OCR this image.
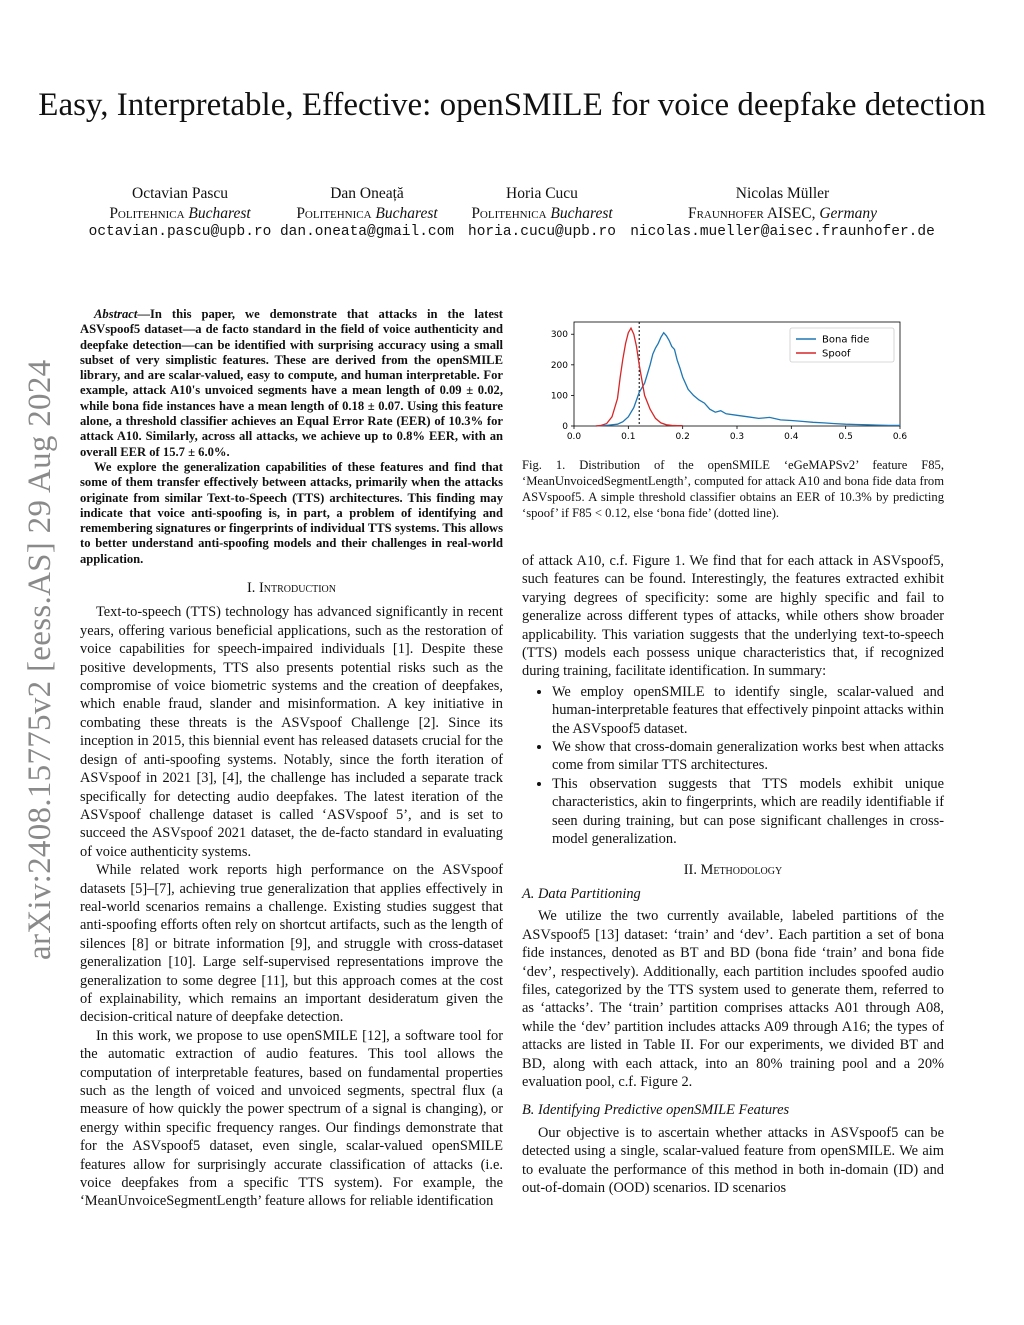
Easy, Interpretable, Effective: openSMILE for voice deepfake detection
Octavian Pascu
Politehnica Bucharest
octavian.pascu@upb.ro
Dan Oneață
Politehnica Bucharest
dan.oneata@gmail.com
Horia Cucu
Politehnica Bucharest
horia.cucu@upb.ro
Nicolas Müller
Fraunhofer AISEC, Germany
nicolas.mueller@aisec.fraunhofer.de
arXiv:2408.15775v2 [eess.AS] 29 Aug 2024

Abstract—In this paper, we demonstrate that attacks in the latest ASVspoof5 dataset—a de facto standard in the field of voice authenticity and deepfake detection—can be identified with surprising accuracy using a small subset of very simplistic features. These are derived from the openSMILE library, and are scalar-valued, easy to compute, and human interpretable. For example, attack A10's unvoiced segments have a mean length of 0.09 ± 0.02, while bona fide instances have a mean length of 0.18 ± 0.07. Using this feature alone, a threshold classifier achieves an Equal Error Rate (EER) of 10.3% for attack A10. Similarly, across all attacks, we achieve up to 0.8% EER, with an overall EER of 15.7 ± 6.0%.

We explore the generalization capabilities of these features and find that some of them transfer effectively between attacks, primarily when the attacks originate from similar Text-to-Speech (TTS) architectures. This finding may indicate that voice anti-spoofing is, in part, a problem of identifying and remembering signatures or fingerprints of individual TTS systems. This allows to better understand anti-spoofing models and their challenges in real-world application.

I. Introduction

Text-to-speech (TTS) technology has advanced significantly in recent years, offering various beneficial applications, such as the restoration of voice capabilities for speech-impaired individuals [1]. Despite these positive developments, TTS also presents potential risks such as the compromise of voice biometric systems and the creation of deepfakes, which enable fraud, slander and misinformation. A key initiative in combating these threats is the ASVspoof Challenge [2]. Since its inception in 2015, this biennial event has released datasets crucial for the design of anti-spoofing systems. Notably, since the forth iteration of ASVspoof in 2021 [3], [4], the challenge has included a separate track specifically for detecting audio deepfakes. The latest iteration of the ASVspoof challenge dataset is called ‘ASVspoof 5’, and is set to succeed the ASVspoof 2021 dataset, the de-facto standard in evaluating of voice authenticity systems.

While related work reports high performance on the ASVspoof datasets [5]–[7], achieving true generalization that applies effectively in real-world scenarios remains a challenge. Existing studies suggest that anti-spoofing efforts often rely on shortcut artifacts, such as the length of silences [8] or bitrate information [9], and struggle with cross-dataset generalization [10]. Large self-supervised representations improve the generalization to some degree [11], but this approach comes at the cost of explainability, which remains an important desideratum given the decision-critical nature of deepfake detection.

In this work, we propose to use openSMILE [12], a software tool for the automatic extraction of audio features. This tool allows the computation of interpretable features, based on fundamental properties such as the length of voiced and unvoiced segments, spectral flux (a measure of how quickly the power spectrum of a signal is changing), or energy within specific frequency ranges. Our findings demonstrate that for the ASVspoof5 dataset, even single, scalar-valued openSMILE features allow for surprisingly accurate classification of attacks (i.e. voice deepfakes from a specific TTS system). For example, the ‘MeanUnvoiceSegmentLength’ feature allows for reliable identification

0.0	0.1	0.2	0.3	0.4	0.5	0.6
0
100
200
300	Bona fide
Spoof
Fig. 1. Distribution of the openSMILE ‘eGeMAPSv2’ feature F85, ‘MeanUnvoicedSegmentLength’, computed for attack A10 and bona fide data from ASVspoof5. A simple threshold classifier obtains an EER of 10.3% by predicting ‘spoof’ if F85 < 0.12, else ‘bona fide’ (dotted line).

of attack A10, c.f. Figure 1. We find that for each attack in ASVspoof5, such features can be found. Interestingly, the features extracted exhibit varying degrees of specificity: some are highly specific and fail to generalize across different types of attacks, while others show broader applicability. This variation suggests that the underlying text-to-speech (TTS) models each possess unique characteristics that, if recognized during training, facilitate identification. In summary:

• We employ openSMILE to identify single, scalar-valued and human-interpretable features that effectively pinpoint attacks within the ASVspoof5 dataset.
• We show that cross-domain generalization works best when attacks come from similar TTS architectures.
• This observation suggests that TTS models exhibit unique characteristics, akin to fingerprints, which are readily identifiable if seen during training, but can pose significant challenges in cross-model generalization.
II. Methodology
A. Data Partitioning

We utilize the two currently available, labeled partitions of the ASVspoof5 [13] dataset: ‘train’ and ‘dev’. Each partition a set of bona fide instances, denoted as BT and BD (bona fide ‘train’ and bona fide ‘dev’, respectively). Additionally, each partition includes spoofed audio files, categorized by the TTS system used to generate them, referred to as ‘attacks’. The ‘train’ partition comprises attacks A01 through A08, while the ‘dev’ partition includes attacks A09 through A16; the types of attacks are listed in Table II. For our experiments, we divided BT and BD, along with each attack, into an 80% training pool and a 20% evaluation pool, c.f. Figure 2.

B. Identifying Predictive openSMILE Features

Our objective is to ascertain whether attacks in ASVspoof5 can be detected using a single, scalar-valued feature from openSMILE. We aim to evaluate the performance of this method in both in-domain (ID) and out-of-domain (OOD) scenarios. ID scenarios
